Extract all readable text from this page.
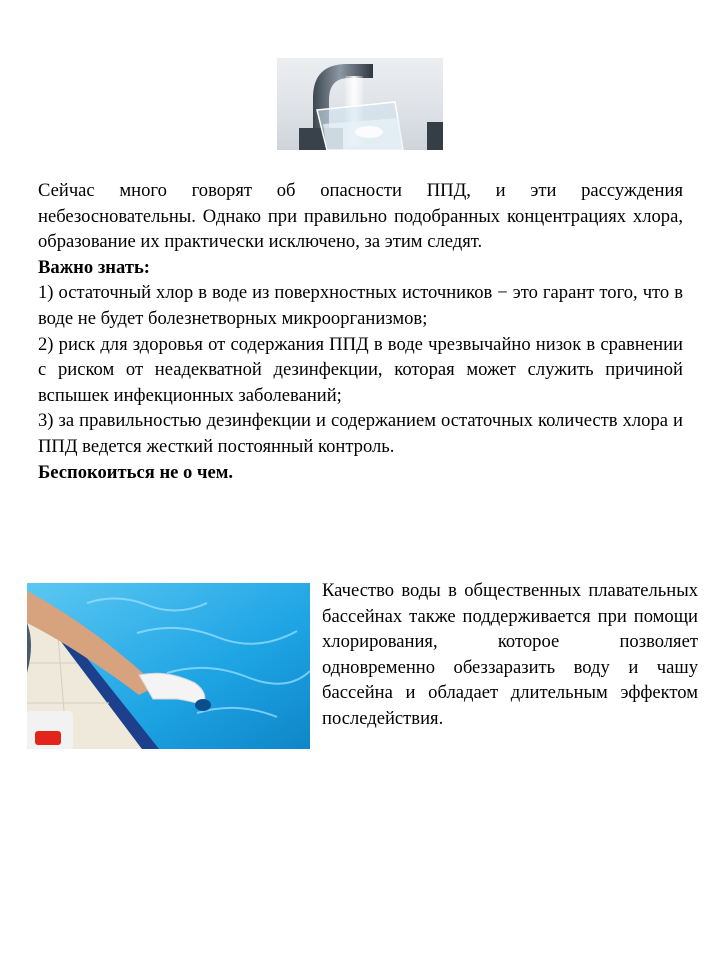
Сейчас много говорят об опасности ППД, и эти рассуждения небезосновательны. Однако при правильно подобранных концентрациях хлора, образование их практически исключено, за этим следят.

Важно знать:

1) остаточный хлор в воде из поверхностных источников − это гарант того, что в воде не будет болезнетворных микроорганизмов;

2) риск для здоровья от содержания ППД в воде чрезвычайно низок в сравнении с риском от неадекватной дезинфекции, которая может служить причиной вспышек инфекционных заболеваний;

3) за правильностью дезинфекции и содержанием остаточных количеств хлора и ППД ведется жесткий постоянный контроль.

Беспокоиться не о чем.

Качество воды в общественных плавательных бассейнах также поддерживается при помощи хлорирования, которое позволяет одновременно обеззаразить воду и чашу бассейна и обладает длительным эффектом последействия.
